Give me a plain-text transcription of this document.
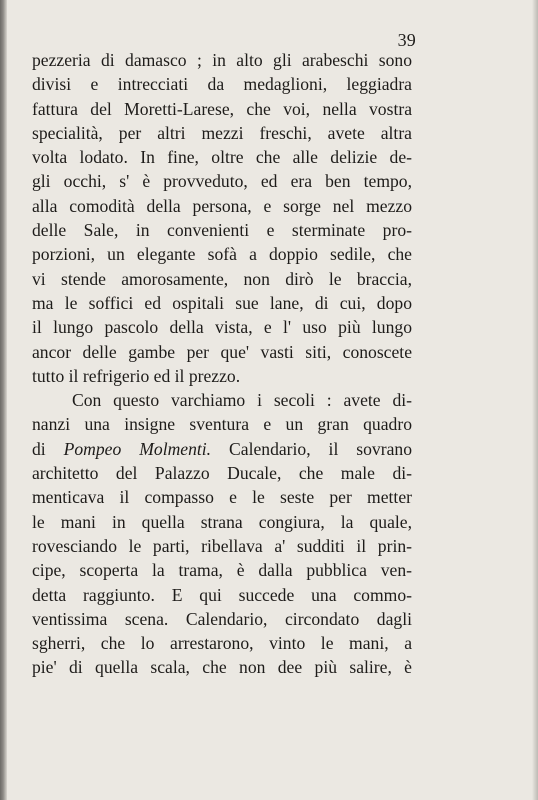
39
pezzeria di damasco ; in alto gli arabeschi sono
divisi e intrecciati da medaglioni, leggiadra
fattura del Moretti-Larese, che voi, nella vostra
specialità, per altri mezzi freschi, avete altra
volta lodato. In fine, oltre che alle delizie de-
gli occhi, s' è provveduto, ed era ben tempo,
alla comodità della persona, e sorge nel mezzo
delle Sale, in convenienti e sterminate pro-
porzioni, un elegante sofà a doppio sedile, che
vi stende amorosamente, non dirò le braccia,
ma le soffici ed ospitali sue lane, di cui, dopo
il lungo pascolo della vista, e l' uso più lungo
ancor delle gambe per que' vasti siti, conoscete
tutto il refrigerio ed il prezzo.
Con questo varchiamo i secoli : avete di-
nanzi una insigne sventura e un gran quadro
di Pompeo Molmenti. Calendario, il sovrano
architetto del Palazzo Ducale, che male di-
menticava il compasso e le seste per metter
le mani in quella strana congiura, la quale,
rovesciando le parti, ribellava a' sudditi il prin-
cipe, scoperta la trama, è dalla pubblica ven-
detta raggiunto. E qui succede una commo-
ventissima scena. Calendario, circondato dagli
sgherri, che lo arrestarono, vinto le mani, a
pie' di quella scala, che non dee più salire, è
